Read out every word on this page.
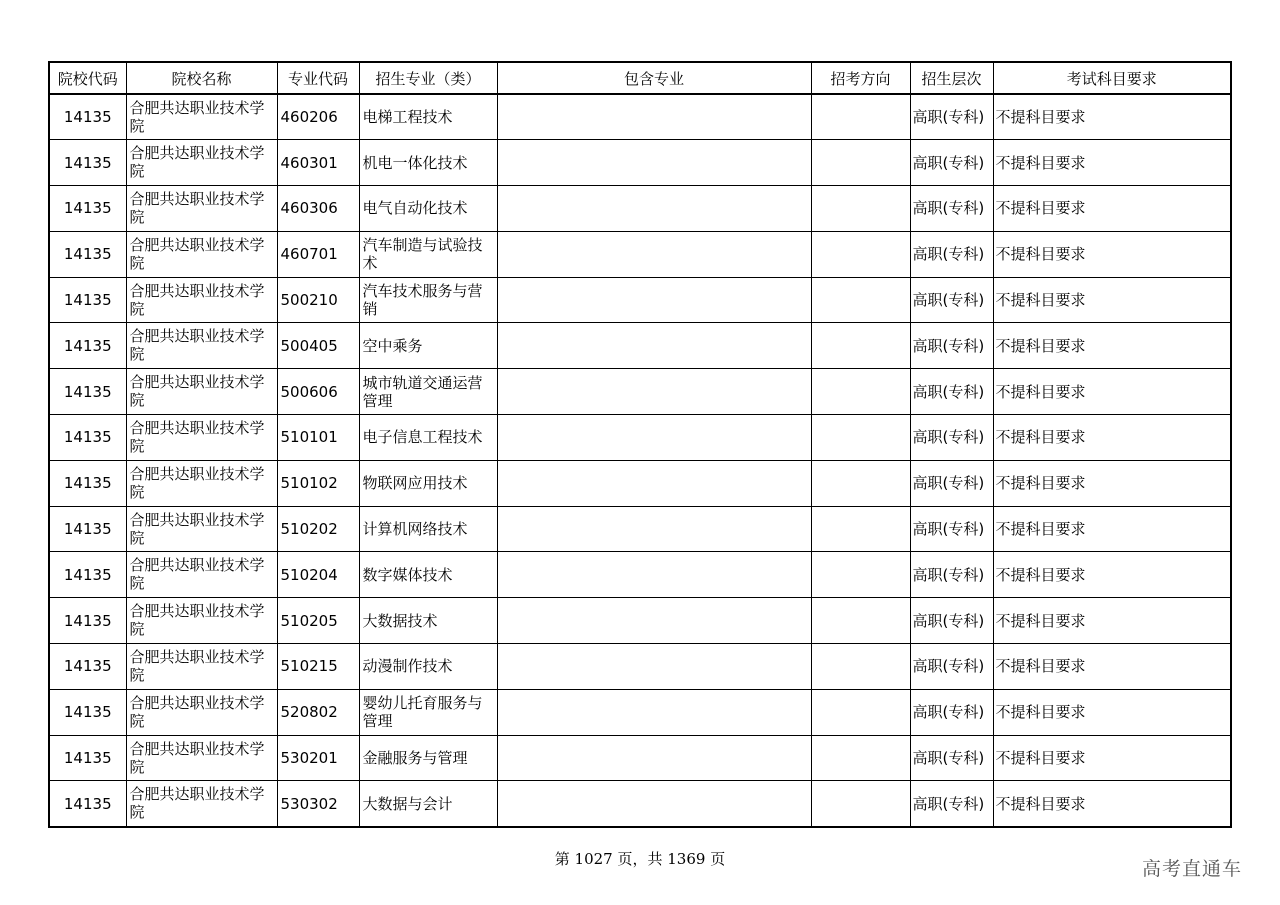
院校代码	院校名称	专业代码	招生专业（类）	包含专业	招考方向	招生层次	考试科目要求
14135	合肥共达职业技术学院	460206	电梯工程技术			高职(专科)	不提科目要求
14135	合肥共达职业技术学院	460301	机电一体化技术			高职(专科)	不提科目要求
14135	合肥共达职业技术学院	460306	电气自动化技术			高职(专科)	不提科目要求
14135	合肥共达职业技术学院	460701	汽车制造与试验技术			高职(专科)	不提科目要求
14135	合肥共达职业技术学院	500210	汽车技术服务与营销			高职(专科)	不提科目要求
14135	合肥共达职业技术学院	500405	空中乘务			高职(专科)	不提科目要求
14135	合肥共达职业技术学院	500606	城市轨道交通运营管理			高职(专科)	不提科目要求
14135	合肥共达职业技术学院	510101	电子信息工程技术			高职(专科)	不提科目要求
14135	合肥共达职业技术学院	510102	物联网应用技术			高职(专科)	不提科目要求
14135	合肥共达职业技术学院	510202	计算机网络技术			高职(专科)	不提科目要求
14135	合肥共达职业技术学院	510204	数字媒体技术			高职(专科)	不提科目要求
14135	合肥共达职业技术学院	510205	大数据技术			高职(专科)	不提科目要求
14135	合肥共达职业技术学院	510215	动漫制作技术			高职(专科)	不提科目要求
14135	合肥共达职业技术学院	520802	婴幼儿托育服务与管理			高职(专科)	不提科目要求
14135	合肥共达职业技术学院	530201	金融服务与管理			高职(专科)	不提科目要求
14135	合肥共达职业技术学院	530302	大数据与会计			高职(专科)	不提科目要求
第 1027 页，共 1369 页	高考直通车
